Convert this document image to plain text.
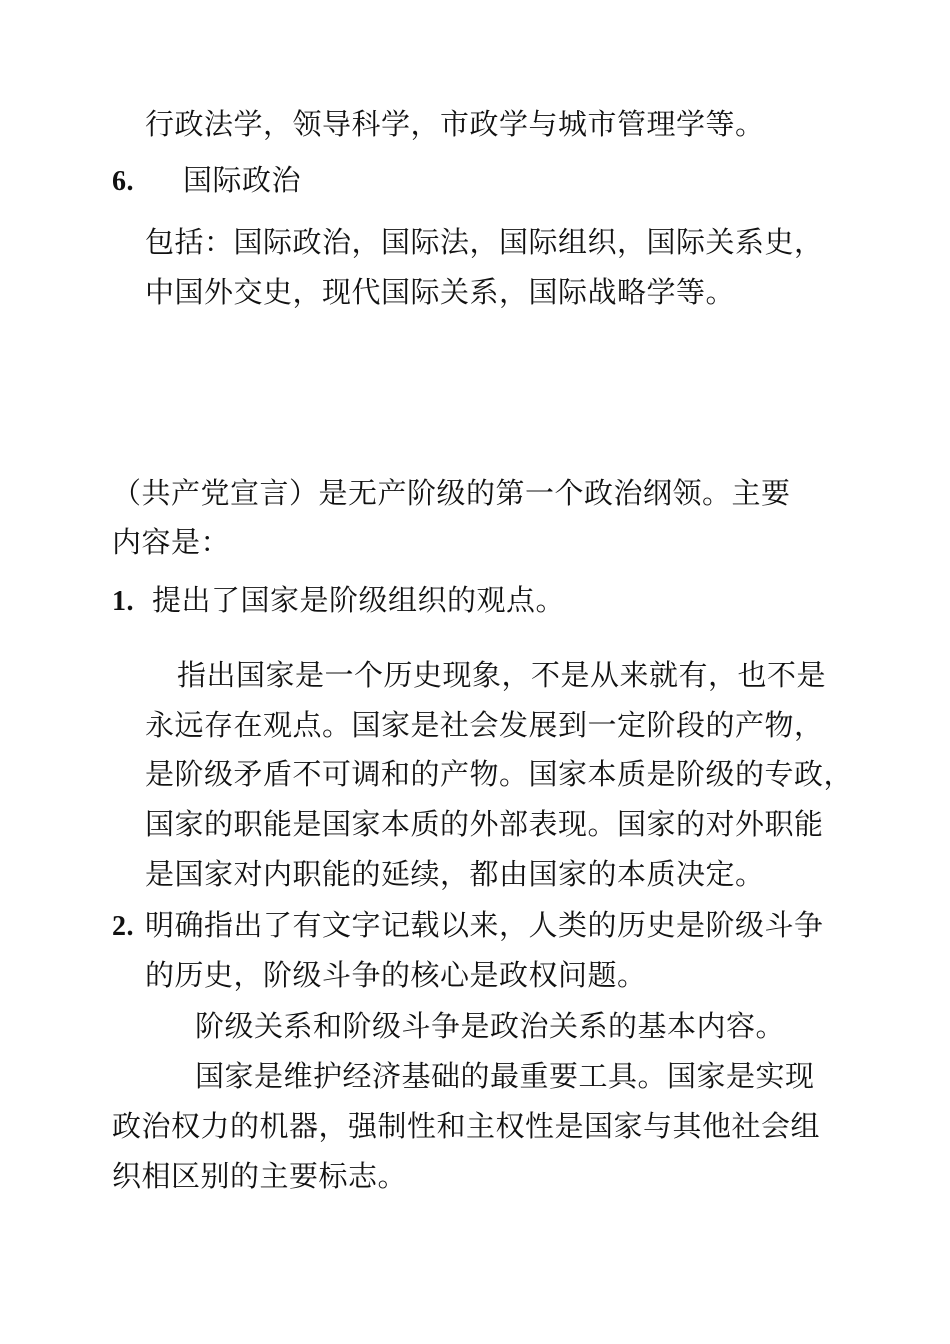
行政法学，领导科学，市政学与城市管理学等。
6. 国际政治
包括：国际政治，国际法，国际组织，国际关系史，
中国外交史，现代国际关系，国际战略学等。
（共产党宣言）是无产阶级的第一个政治纲领。主要
内容是：
1. 提出了国家是阶级组织的观点。
指出国家是一个历史现象，不是从来就有，也不是
永远存在观点。国家是社会发展到一定阶段的产物，
是阶级矛盾不可调和的产物。国家本质是阶级的专政，
国家的职能是国家本质的外部表现。国家的对外职能
是国家对内职能的延续，都由国家的本质决定。
2. 明确指出了有文字记载以来，人类的历史是阶级斗争
的历史，阶级斗争的核心是政权问题。
阶级关系和阶级斗争是政治关系的基本内容。
国家是维护经济基础的最重要工具。国家是实现
政治权力的机器，强制性和主权性是国家与其他社会组
织相区别的主要标志。
